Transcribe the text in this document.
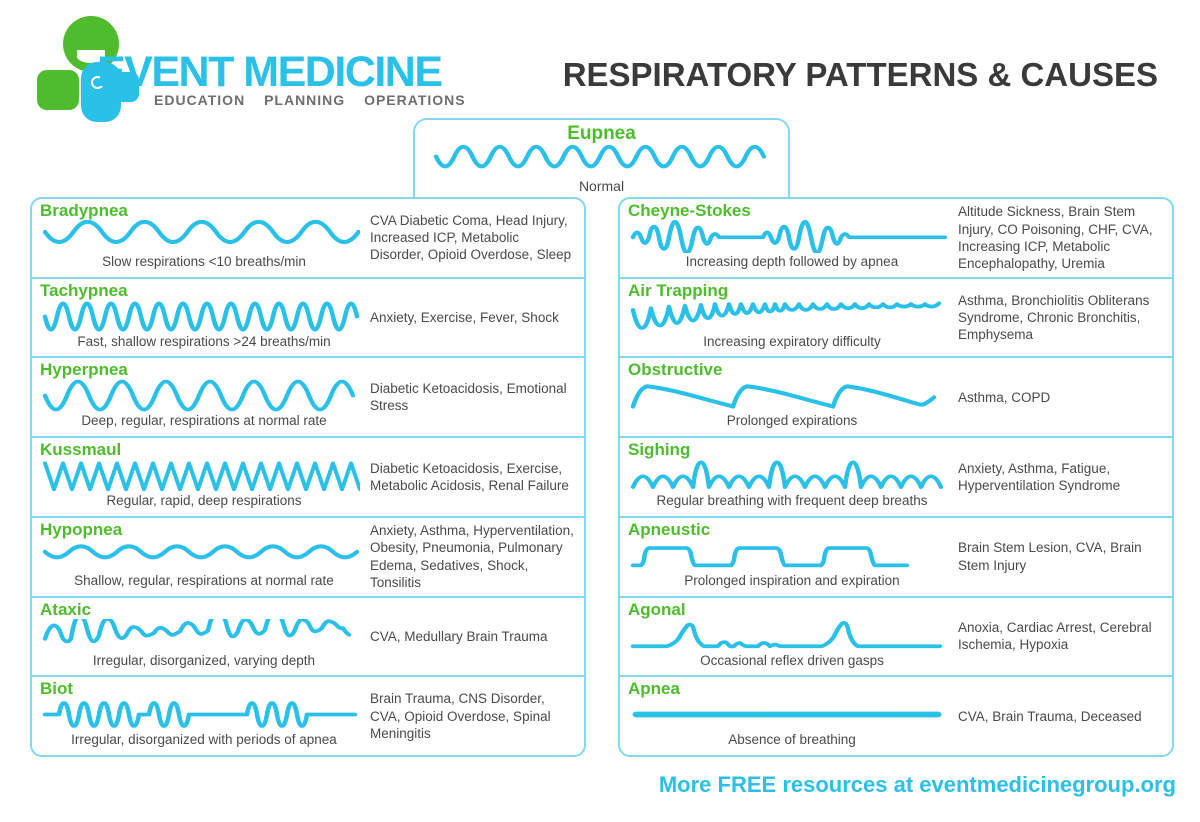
EVENT MEDICINE
EDUCATION PLANNING OPERATIONS
RESPIRATORY PATTERNS & CAUSES
Eupnea
Normal
Bradypnea
Slow respirations <10 breaths/min
CVA Diabetic Coma, Head Injury, Increased ICP, Metabolic Disorder, Opioid Overdose, Sleep
Tachypnea
Fast, shallow respirations >24 breaths/min
Anxiety, Exercise, Fever, Shock
Hyperpnea
Deep, regular, respirations at normal rate
Diabetic Ketoacidosis, Emotional Stress
Kussmaul
Regular, rapid, deep respirations
Diabetic Ketoacidosis, Exercise, Metabolic Acidosis, Renal Failure
Hypopnea
Shallow, regular, respirations at normal rate
Anxiety, Asthma, Hyperventilation, Obesity, Pneumonia, Pulmonary Edema, Sedatives, Shock, Tonsilitis
Ataxic
Irregular, disorganized, varying depth
CVA, Medullary Brain Trauma
Biot
Irregular, disorganized with periods of apnea
Brain Trauma, CNS Disorder, CVA, Opioid Overdose, Spinal Meningitis
Cheyne-Stokes
Increasing depth followed by apnea
Altitude Sickness, Brain Stem Injury, CO Poisoning, CHF, CVA, Increasing ICP, Metabolic Encephalopathy, Uremia
Air Trapping
Increasing expiratory difficulty
Asthma, Bronchiolitis Obliterans Syndrome, Chronic Bronchitis, Emphysema
Obstructive
Prolonged expirations
Asthma, COPD
Sighing
Regular breathing with frequent deep breaths
Anxiety, Asthma, Fatigue, Hyperventilation Syndrome
Apneustic
Prolonged inspiration and expiration
Brain Stem Lesion, CVA, Brain Stem Injury
Agonal
Occasional reflex driven gasps
Anoxia, Cardiac Arrest, Cerebral Ischemia, Hypoxia
Apnea
Absence of breathing
CVA, Brain Trauma, Deceased
More FREE resources at eventmedicinegroup.org
